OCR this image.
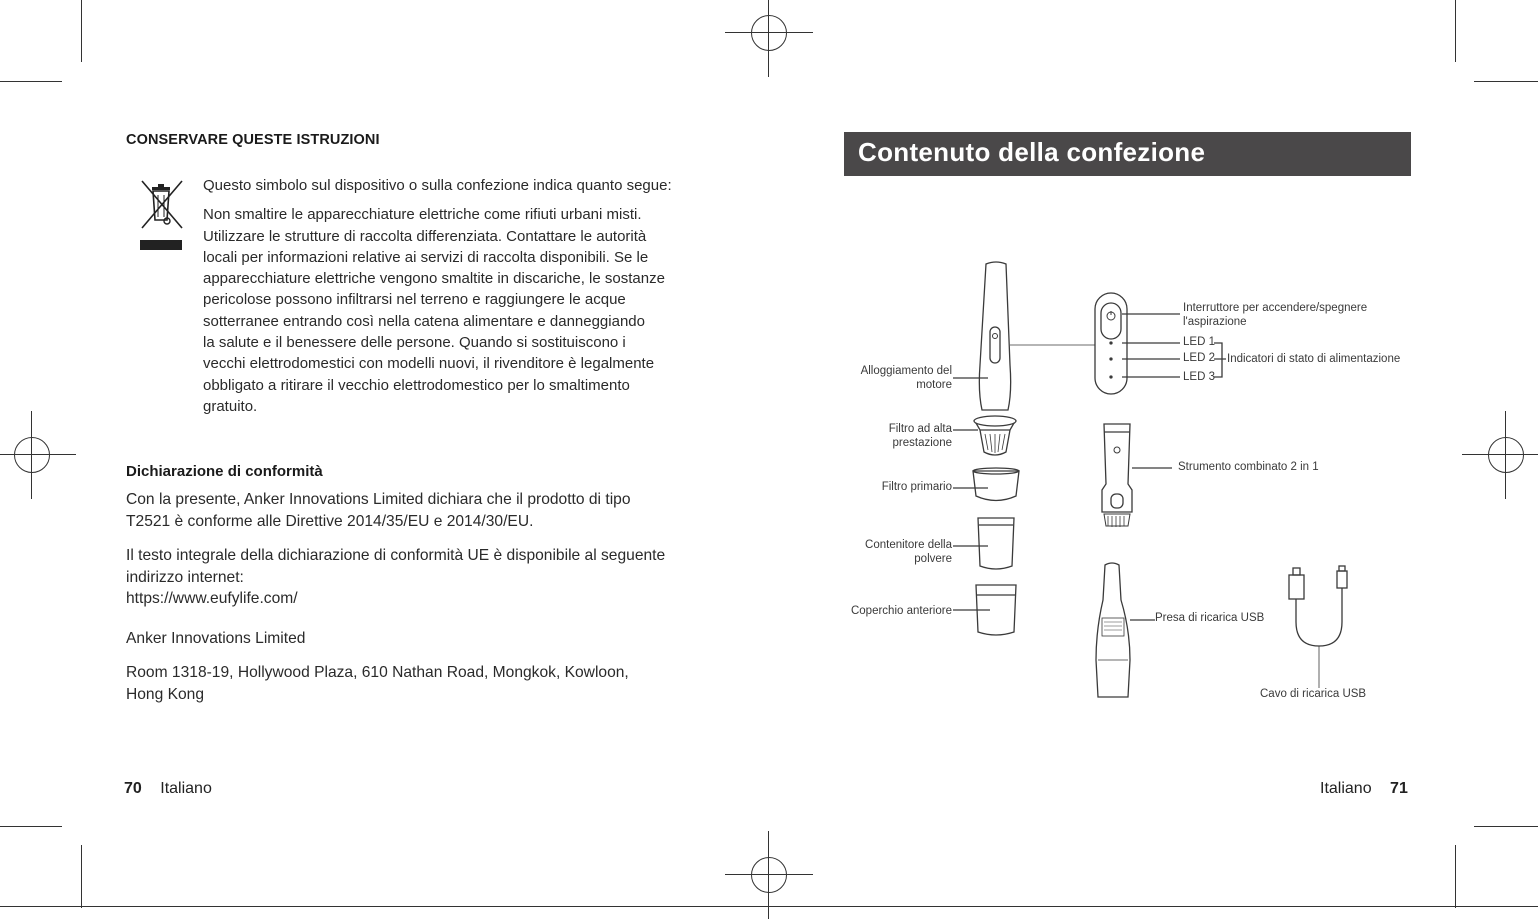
CONSERVARE QUESTE ISTRUZIONI

Questo simbolo sul dispositivo o sulla confezione indica quanto segue:

Non smaltire le apparecchiature elettriche come rifiuti urbani misti.
Utilizzare le strutture di raccolta differenziata. Contattare le autorità
locali per informazioni relative ai servizi di raccolta disponibili. Se le
apparecchiature elettriche vengono smaltite in discariche, le sostanze
pericolose possono infiltrarsi nel terreno e raggiungere le acque
sotterranee entrando così nella catena alimentare e danneggiando
la salute e il benessere delle persone. Quando si sostituiscono i
vecchi elettrodomestici con modelli nuovi, il rivenditore è legalmente
obbligato a ritirare il vecchio elettrodomestico per lo smaltimento
gratuito.
Dichiarazione di conformità
Con la presente, Anker Innovations Limited dichiara che il prodotto di tipo
T2521 è conforme alle Direttive 2014/35/EU e 2014/30/EU.
Il testo integrale della dichiarazione di conformità UE è disponibile al seguente
indirizzo internet:
https://www.eufylife.com/
Anker Innovations Limited
Room 1318-19, Hollywood Plaza, 610 Nathan Road, Mongkok, Kowloon,
Hong Kong
70 Italiano
Contenuto della confezione
Alloggiamento del
motore
Filtro ad alta
prestazione
Filtro primario
Contenitore della
polvere
Coperchio anteriore
Interruttore per accendere/spegnere
l'aspirazione
LED 1
LED 2
LED 3
Indicatori di stato di alimentazione
Strumento combinato 2 in 1
Presa di ricarica USB
Cavo di ricarica USB
Italiano 71
